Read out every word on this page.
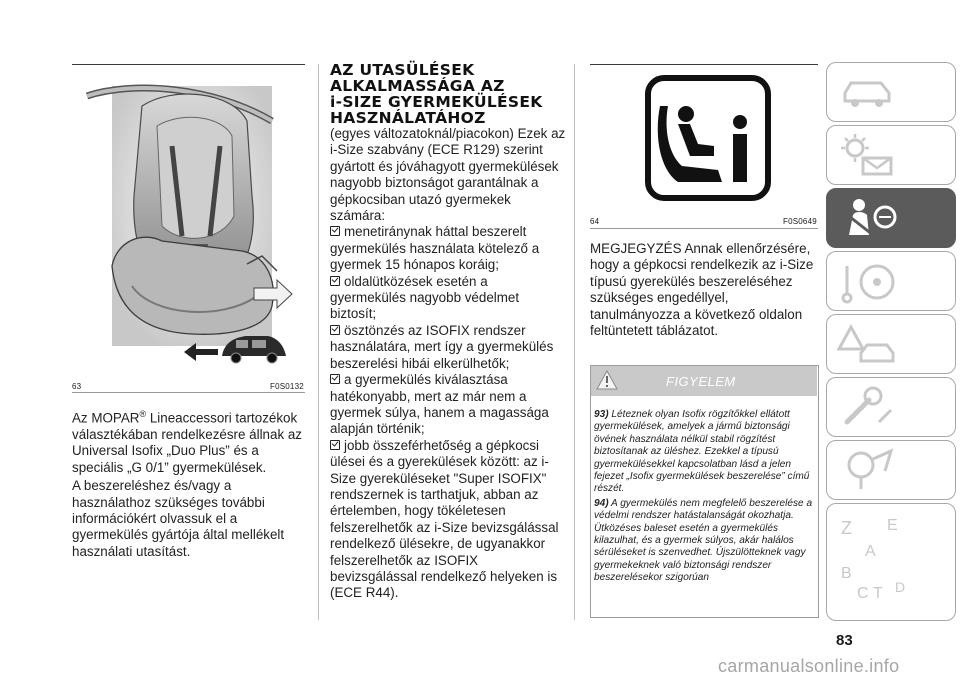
63	F0S0132

Az MOPAR® Lineaccessori tartozékok választékában rendelkezésre állnak az Universal Isofix „Duo Plus” és a speciális „G 0/1” gyermekülések.

A beszereléshez és/vagy a használathoz szükséges további információkért olvassuk el a gyermekülés gyártója által mellékelt használati utasítást.

AZ UTASÜLÉSEK
ALKALMASSÁGA AZ
i-SIZE GYERMEKÜLÉSEK
HASZNÁLATÁHOZ

(egyes változatoknál/piacokon) Ezek az i-Size szabvány (ECE R129) szerint gyártott és jóváhagyott gyermekülések nagyobb biztonságot garantálnak a gépkocsiban utazó gyermekek számára:

menetiránynak háttal beszerelt gyermekülés használata kötelező a gyermek 15 hónapos koráig;

oldalütközések esetén a gyermekülés nagyobb védelmet biztosít;

ösztönzés az ISOFIX rendszer használatára, mert így a gyermekülés beszerelési hibái elkerülhetők;

a gyermekülés kiválasztása hatékonyabb, mert az már nem a gyermek súlya, hanem a magassága alapján történik;

jobb összeférhetőség a gépkocsi ülései és a gyerekülések között: az i-Size gyereküléseket "Super ISOFIX" rendszernek is tarthatjuk, abban az értelemben, hogy tökéletesen felszerelhetők az i-Size bevizsgálással rendelkező ülésekre, de ugyanakkor felszerelhetők az ISOFIX bevizsgálással rendelkező helyeken is (ECE R44).

64	F0S0649
MEGJEGYZÉS Annak ellenőrzésére, hogy a gépkocsi rendelkezik az i-Size típusú gyerekülés beszereléséhez szükséges engedéllyel, tanulmányozza a következő oldalon feltüntetett táblázatot.
FIGYELEM
93) Léteznek olyan Isofix rögzítőkkel ellátott gyermekülések, amelyek a jármű biztonsági övének használata nélkül stabil rögzítést biztosítanak az üléshez. Ezekkel a típusú gyermekülésekkel kapcsolatban lásd a jelen fejezet „Isofix gyermekülések beszerelése” című részét.
94) A gyermekülés nem megfelelő beszerelése a védelmi rendszer hatástalanságát okozhatja. Ütközéses baleset esetén a gyermekülés kilazulhat, és a gyermek súlyos, akár halálos sérüléseket is szenvedhet. Újszülötteknek vagy gyermekeknek való biztonsági rendszer beszerelésekor szigorúan
Z E
A
B
C T D
83
carmanualsonline.info
